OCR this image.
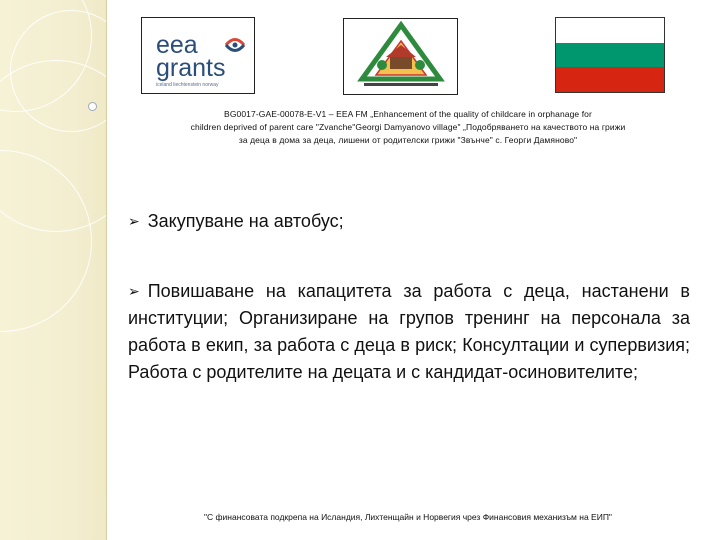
eea
grants
iceland liechtenstein norway
BG0017-GAE-00078-E-V1 – EEA FM „Enhancement of the quality of childcare in orphanage for
children deprived of parent care "Zvanche"Georgi Damyanovo village" „Подобряването на качеството на грижи
за деца в дома за деца, лишени от родителски грижи "Звънче" с. Георги Дамяново"
➢ Закупуване на автобус;
➢ Повишаване на капацитета за работа с деца, настанени в институции; Организиране на групов тренинг на персонала за работа в екип, за работа с деца в риск; Консултации и супервизия; Работа с родителите на децата и с кандидат-осиновителите;
"С финансовата подкрепа на Исландия, Лихтенщайн и Норвегия чрез Финансовия механизъм на ЕИП"
